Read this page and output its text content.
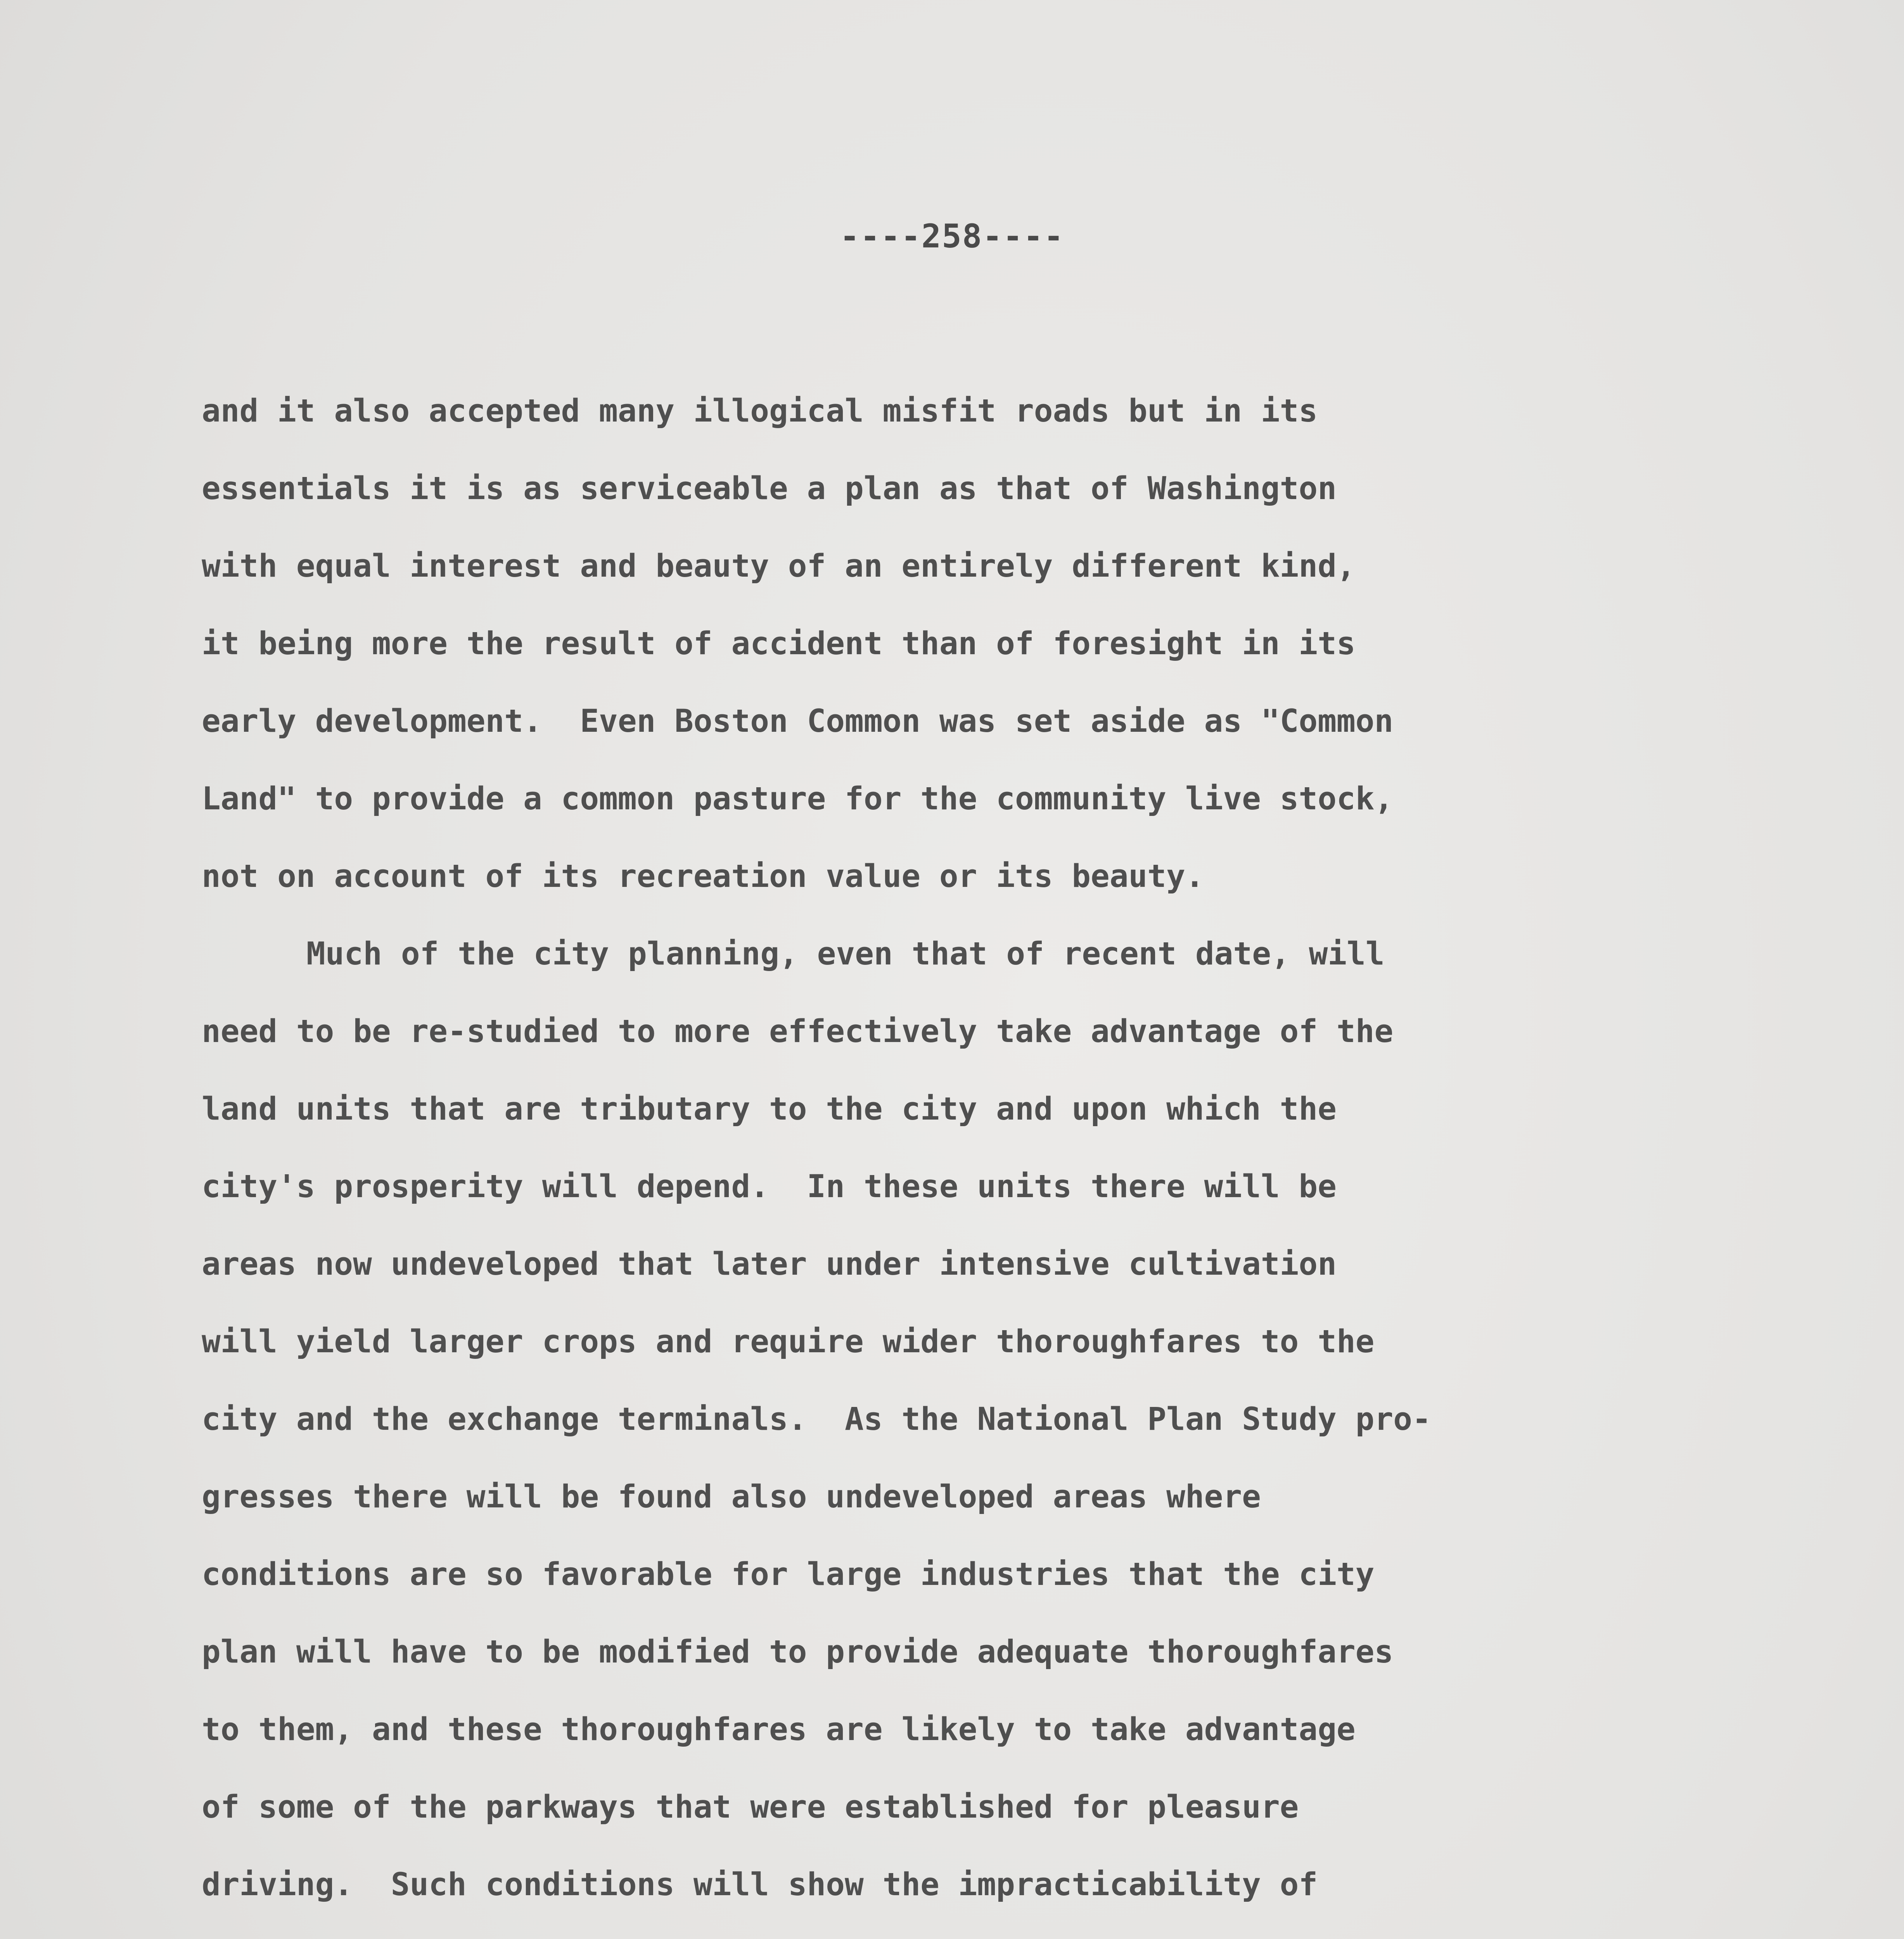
----258----
and it also accepted many illogical misfit roads but in its
essentials it is as serviceable a plan as that of Washington
with equal interest and beauty of an entirely different kind,
it being more the result of accident than of foresight in its
early development.  Even Boston Common was set aside as "Common
Land" to provide a common pasture for the community live stock,
not on account of its recreation value or its beauty.
Much of the city planning, even that of recent date, will
need to be re-studied to more effectively take advantage of the
land units that are tributary to the city and upon which the
city's prosperity will depend.  In these units there will be
areas now undeveloped that later under intensive cultivation
will yield larger crops and require wider thoroughfares to the
city and the exchange terminals.  As the National Plan Study pro-
gresses there will be found also undeveloped areas where
conditions are so favorable for large industries that the city
plan will have to be modified to provide adequate thoroughfares
to them, and these thoroughfares are likely to take advantage
of some of the parkways that were established for pleasure
driving.  Such conditions will show the impracticability of
